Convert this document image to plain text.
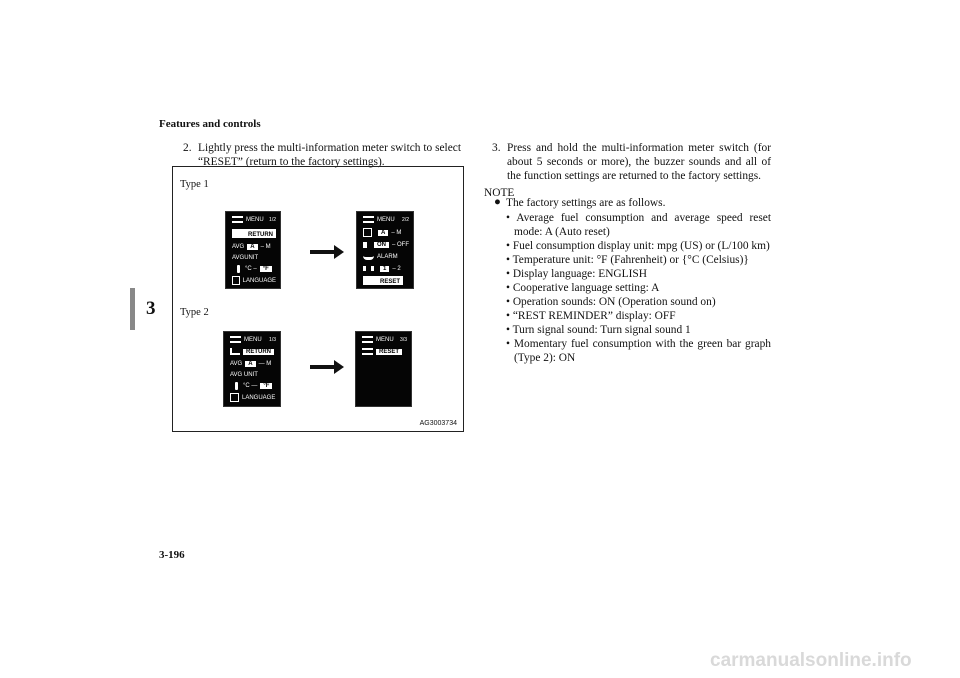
Features and controls
3
2. Lightly press the multi-information meter switch to select “RESET” (return to the factory settings).
Type 1
Type 2
MENU 1/2
RETURN
AVG	A	– M
AVGUNIT
°C –	°F
LANGUAGE
MENU 2/2
A	– M
ON	– OFF
ALARM
1	– 2
RESET
MENU 1/3
RETURN
AVG	A	— M
AVG UNIT
°C —	°F
LANGUAGE
MENU 3/3
RESET
AG3003734
3. Press and hold the multi-information meter switch (for about 5 seconds or more), the buzzer sounds and all of the function settings are returned to the factory settings.
NOTE
● The factory settings are as follows.
• Average fuel consumption and average speed reset mode: A (Auto reset)
• Fuel consumption display unit: mpg (US) or (L/100 km)
• Temperature unit: °F (Fahrenheit) or {°C (Celsius)}
• Display language: ENGLISH
• Cooperative language setting: A
• Operation sounds: ON (Operation sound on)
• “REST REMINDER” display: OFF
• Turn signal sound: Turn signal sound 1
• Momentary fuel consumption with the green bar graph (Type 2): ON
3-196
carmanualsonline.info
